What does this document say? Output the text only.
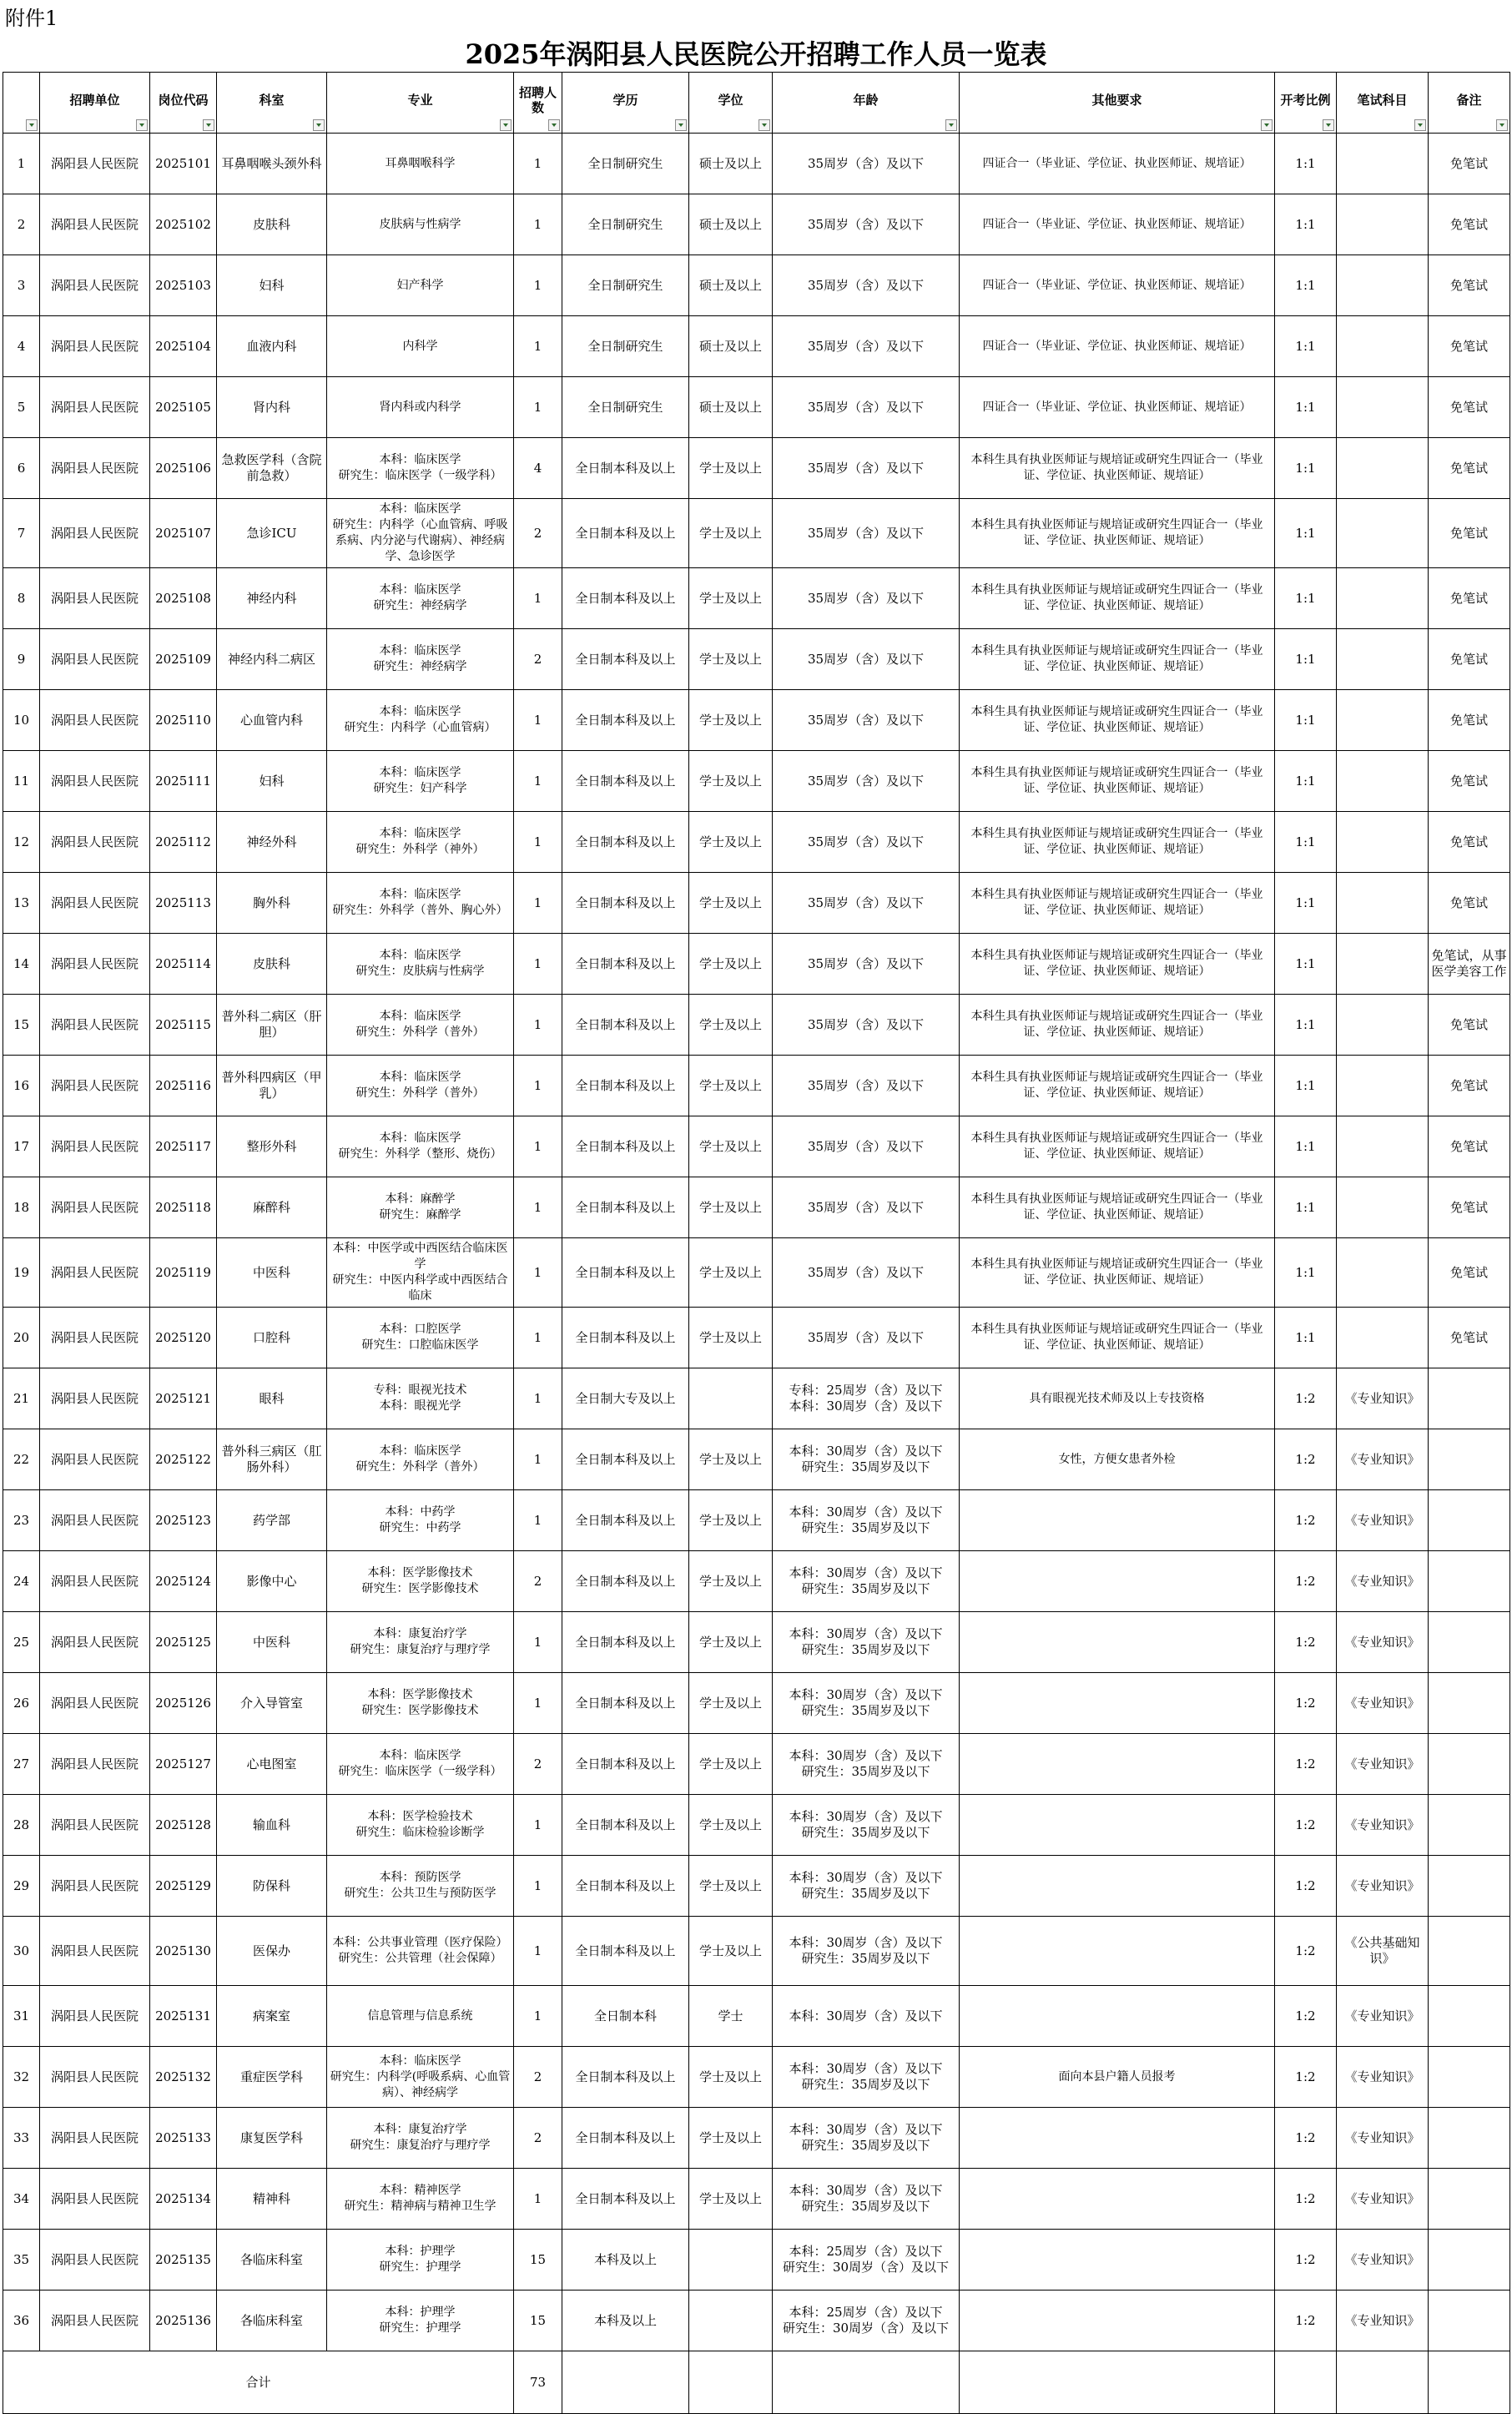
附件1
2025年涡阳县人民医院公开招聘工作人员一览表
	招聘单位	岗位代码	科室	专业	招聘人数	学历	学位	年龄	其他要求	开考比例	笔试科目	备注

1	涡阳县人民医院	2025101	耳鼻咽喉头颈外科	耳鼻咽喉科学	1	全日制研究生	硕士及以上	35周岁（含）及以下	四证合一（毕业证、学位证、执业医师证、规培证）	1:1		免笔试
2	涡阳县人民医院	2025102	皮肤科	皮肤病与性病学	1	全日制研究生	硕士及以上	35周岁（含）及以下	四证合一（毕业证、学位证、执业医师证、规培证）	1:1		免笔试
3	涡阳县人民医院	2025103	妇科	妇产科学	1	全日制研究生	硕士及以上	35周岁（含）及以下	四证合一（毕业证、学位证、执业医师证、规培证）	1:1		免笔试
4	涡阳县人民医院	2025104	血液内科	内科学	1	全日制研究生	硕士及以上	35周岁（含）及以下	四证合一（毕业证、学位证、执业医师证、规培证）	1:1		免笔试
5	涡阳县人民医院	2025105	肾内科	肾内科或内科学	1	全日制研究生	硕士及以上	35周岁（含）及以下	四证合一（毕业证、学位证、执业医师证、规培证）	1:1		免笔试
6	涡阳县人民医院	2025106	急救医学科（含院前急救）	本科：临床医学
研究生：临床医学（一级学科）	4	全日制本科及以上	学士及以上	35周岁（含）及以下	本科生具有执业医师证与规培证或研究生四证合一（毕业证、学位证、执业医师证、规培证）	1:1		免笔试
7	涡阳县人民医院	2025107	急诊ICU	本科：临床医学
研究生：内科学（心血管病、呼吸系病、内分泌与代谢病）、神经病学、急诊医学	2	全日制本科及以上	学士及以上	35周岁（含）及以下	本科生具有执业医师证与规培证或研究生四证合一（毕业证、学位证、执业医师证、规培证）	1:1		免笔试
8	涡阳县人民医院	2025108	神经内科	本科：临床医学
研究生：神经病学	1	全日制本科及以上	学士及以上	35周岁（含）及以下	本科生具有执业医师证与规培证或研究生四证合一（毕业证、学位证、执业医师证、规培证）	1:1		免笔试
9	涡阳县人民医院	2025109	神经内科二病区	本科：临床医学
研究生：神经病学	2	全日制本科及以上	学士及以上	35周岁（含）及以下	本科生具有执业医师证与规培证或研究生四证合一（毕业证、学位证、执业医师证、规培证）	1:1		免笔试
10	涡阳县人民医院	2025110	心血管内科	本科：临床医学
研究生：内科学（心血管病）	1	全日制本科及以上	学士及以上	35周岁（含）及以下	本科生具有执业医师证与规培证或研究生四证合一（毕业证、学位证、执业医师证、规培证）	1:1		免笔试
11	涡阳县人民医院	2025111	妇科	本科：临床医学
研究生：妇产科学	1	全日制本科及以上	学士及以上	35周岁（含）及以下	本科生具有执业医师证与规培证或研究生四证合一（毕业证、学位证、执业医师证、规培证）	1:1		免笔试
12	涡阳县人民医院	2025112	神经外科	本科：临床医学
研究生：外科学（神外）	1	全日制本科及以上	学士及以上	35周岁（含）及以下	本科生具有执业医师证与规培证或研究生四证合一（毕业证、学位证、执业医师证、规培证）	1:1		免笔试
13	涡阳县人民医院	2025113	胸外科	本科：临床医学
研究生：外科学（普外、胸心外）	1	全日制本科及以上	学士及以上	35周岁（含）及以下	本科生具有执业医师证与规培证或研究生四证合一（毕业证、学位证、执业医师证、规培证）	1:1		免笔试
14	涡阳县人民医院	2025114	皮肤科	本科：临床医学
研究生：皮肤病与性病学	1	全日制本科及以上	学士及以上	35周岁（含）及以下	本科生具有执业医师证与规培证或研究生四证合一（毕业证、学位证、执业医师证、规培证）	1:1		免笔试，从事医学美容工作
15	涡阳县人民医院	2025115	普外科二病区（肝胆）	本科：临床医学
研究生：外科学（普外）	1	全日制本科及以上	学士及以上	35周岁（含）及以下	本科生具有执业医师证与规培证或研究生四证合一（毕业证、学位证、执业医师证、规培证）	1:1		免笔试
16	涡阳县人民医院	2025116	普外科四病区（甲乳）	本科：临床医学
研究生：外科学（普外）	1	全日制本科及以上	学士及以上	35周岁（含）及以下	本科生具有执业医师证与规培证或研究生四证合一（毕业证、学位证、执业医师证、规培证）	1:1		免笔试
17	涡阳县人民医院	2025117	整形外科	本科：临床医学
研究生：外科学（整形、烧伤）	1	全日制本科及以上	学士及以上	35周岁（含）及以下	本科生具有执业医师证与规培证或研究生四证合一（毕业证、学位证、执业医师证、规培证）	1:1		免笔试
18	涡阳县人民医院	2025118	麻醉科	本科：麻醉学
研究生：麻醉学	1	全日制本科及以上	学士及以上	35周岁（含）及以下	本科生具有执业医师证与规培证或研究生四证合一（毕业证、学位证、执业医师证、规培证）	1:1		免笔试
19	涡阳县人民医院	2025119	中医科	本科：中医学或中西医结合临床医学
研究生：中医内科学或中西医结合临床	1	全日制本科及以上	学士及以上	35周岁（含）及以下	本科生具有执业医师证与规培证或研究生四证合一（毕业证、学位证、执业医师证、规培证）	1:1		免笔试
20	涡阳县人民医院	2025120	口腔科	本科：口腔医学
研究生：口腔临床医学	1	全日制本科及以上	学士及以上	35周岁（含）及以下	本科生具有执业医师证与规培证或研究生四证合一（毕业证、学位证、执业医师证、规培证）	1:1		免笔试
21	涡阳县人民医院	2025121	眼科	专科：眼视光技术
本科：眼视光学	1	全日制大专及以上		专科：25周岁（含）及以下
本科：30周岁（含）及以下	具有眼视光技术师及以上专技资格	1:2	《专业知识》	
22	涡阳县人民医院	2025122	普外科三病区（肛肠外科）	本科：临床医学
研究生：外科学（普外）	1	全日制本科及以上	学士及以上	本科：30周岁（含）及以下
研究生：35周岁及以下	女性，方便女患者外检	1:2	《专业知识》	
23	涡阳县人民医院	2025123	药学部	本科：中药学
研究生：中药学	1	全日制本科及以上	学士及以上	本科：30周岁（含）及以下
研究生：35周岁及以下		1:2	《专业知识》	
24	涡阳县人民医院	2025124	影像中心	本科：医学影像技术
研究生：医学影像技术	2	全日制本科及以上	学士及以上	本科：30周岁（含）及以下
研究生：35周岁及以下		1:2	《专业知识》	
25	涡阳县人民医院	2025125	中医科	本科：康复治疗学
研究生：康复治疗与理疗学	1	全日制本科及以上	学士及以上	本科：30周岁（含）及以下
研究生：35周岁及以下		1:2	《专业知识》	
26	涡阳县人民医院	2025126	介入导管室	本科：医学影像技术
研究生：医学影像技术	1	全日制本科及以上	学士及以上	本科：30周岁（含）及以下
研究生：35周岁及以下		1:2	《专业知识》	
27	涡阳县人民医院	2025127	心电图室	本科：临床医学
研究生：临床医学（一级学科）	2	全日制本科及以上	学士及以上	本科：30周岁（含）及以下
研究生：35周岁及以下		1:2	《专业知识》	
28	涡阳县人民医院	2025128	输血科	本科：医学检验技术
研究生：临床检验诊断学	1	全日制本科及以上	学士及以上	本科：30周岁（含）及以下
研究生：35周岁及以下		1:2	《专业知识》	
29	涡阳县人民医院	2025129	防保科	本科：预防医学
研究生：公共卫生与预防医学	1	全日制本科及以上	学士及以上	本科：30周岁（含）及以下
研究生：35周岁及以下		1:2	《专业知识》	
30	涡阳县人民医院	2025130	医保办	本科：公共事业管理（医疗保险）
研究生：公共管理（社会保障）	1	全日制本科及以上	学士及以上	本科：30周岁（含）及以下
研究生：35周岁及以下		1:2	《公共基础知识》	
31	涡阳县人民医院	2025131	病案室	信息管理与信息系统	1	全日制本科	学士	本科：30周岁（含）及以下		1:2	《专业知识》	
32	涡阳县人民医院	2025132	重症医学科	本科：临床医学
研究生：内科学(呼吸系病、心血管病）、神经病学	2	全日制本科及以上	学士及以上	本科：30周岁（含）及以下
研究生：35周岁及以下	面向本县户籍人员报考	1:2	《专业知识》	
33	涡阳县人民医院	2025133	康复医学科	本科：康复治疗学
研究生：康复治疗与理疗学	2	全日制本科及以上	学士及以上	本科：30周岁（含）及以下
研究生：35周岁及以下		1:2	《专业知识》	
34	涡阳县人民医院	2025134	精神科	本科：精神医学
研究生：精神病与精神卫生学	1	全日制本科及以上	学士及以上	本科：30周岁（含）及以下
研究生：35周岁及以下		1:2	《专业知识》	
35	涡阳县人民医院	2025135	各临床科室	本科：护理学
研究生：护理学	15	本科及以上		本科：25周岁（含）及以下
研究生：30周岁（含）及以下		1:2	《专业知识》	
36	涡阳县人民医院	2025136	各临床科室	本科：护理学
研究生：护理学	15	本科及以上		本科：25周岁（含）及以下
研究生：30周岁（含）及以下		1:2	《专业知识》	
合计					73							
